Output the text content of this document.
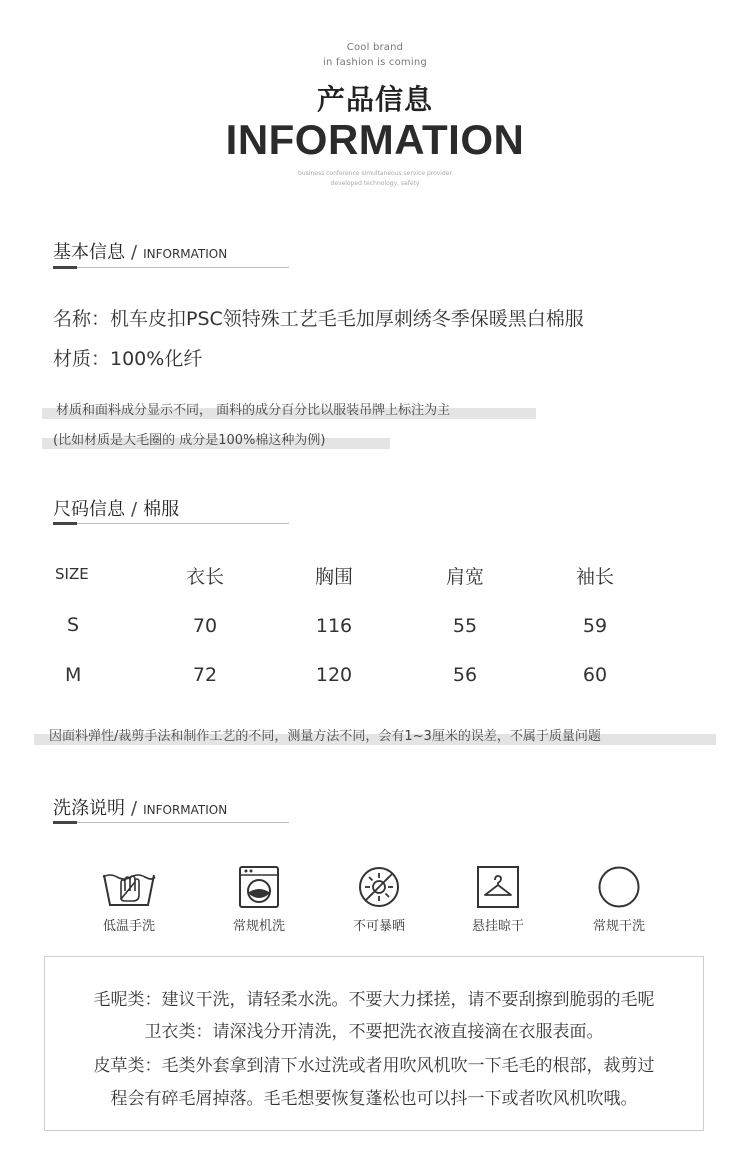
Cool brand
in fashion is coming
产品信息
INFORMATION
business conference simultaneous service provider
developed technology, safety
基本信息 / INFORMATION
名称：机车皮扣PSC领特殊工艺毛毛加厚刺绣冬季保暖黑白棉服
材质：100%化纤
材质和面料成分显示不同， 面料的成分百分比以服装吊牌上标注为主
(比如材质是大毛圈的 成分是100%棉这种为例)
尺码信息 / 棉服
SIZE	衣长	胸围	肩宽	袖长
S	70	116	55	59
M	72	120	56	60
因面料弹性/裁剪手法和制作工艺的不同，测量方法不同，会有1~3厘米的误差，不属于质量问题
洗涤说明 / INFORMATION
低温手洗	常规机洗	不可暴晒	悬挂晾干	常规干洗
毛呢类：建议干洗，请轻柔水洗。不要大力揉搓，请不要刮擦到脆弱的毛呢
卫衣类：请深浅分开清洗，不要把洗衣液直接滴在衣服表面。
皮草类：毛类外套拿到清下水过洗或者用吹风机吹一下毛毛的根部，裁剪过
程会有碎毛屑掉落。毛毛想要恢复蓬松也可以抖一下或者吹风机吹哦。
